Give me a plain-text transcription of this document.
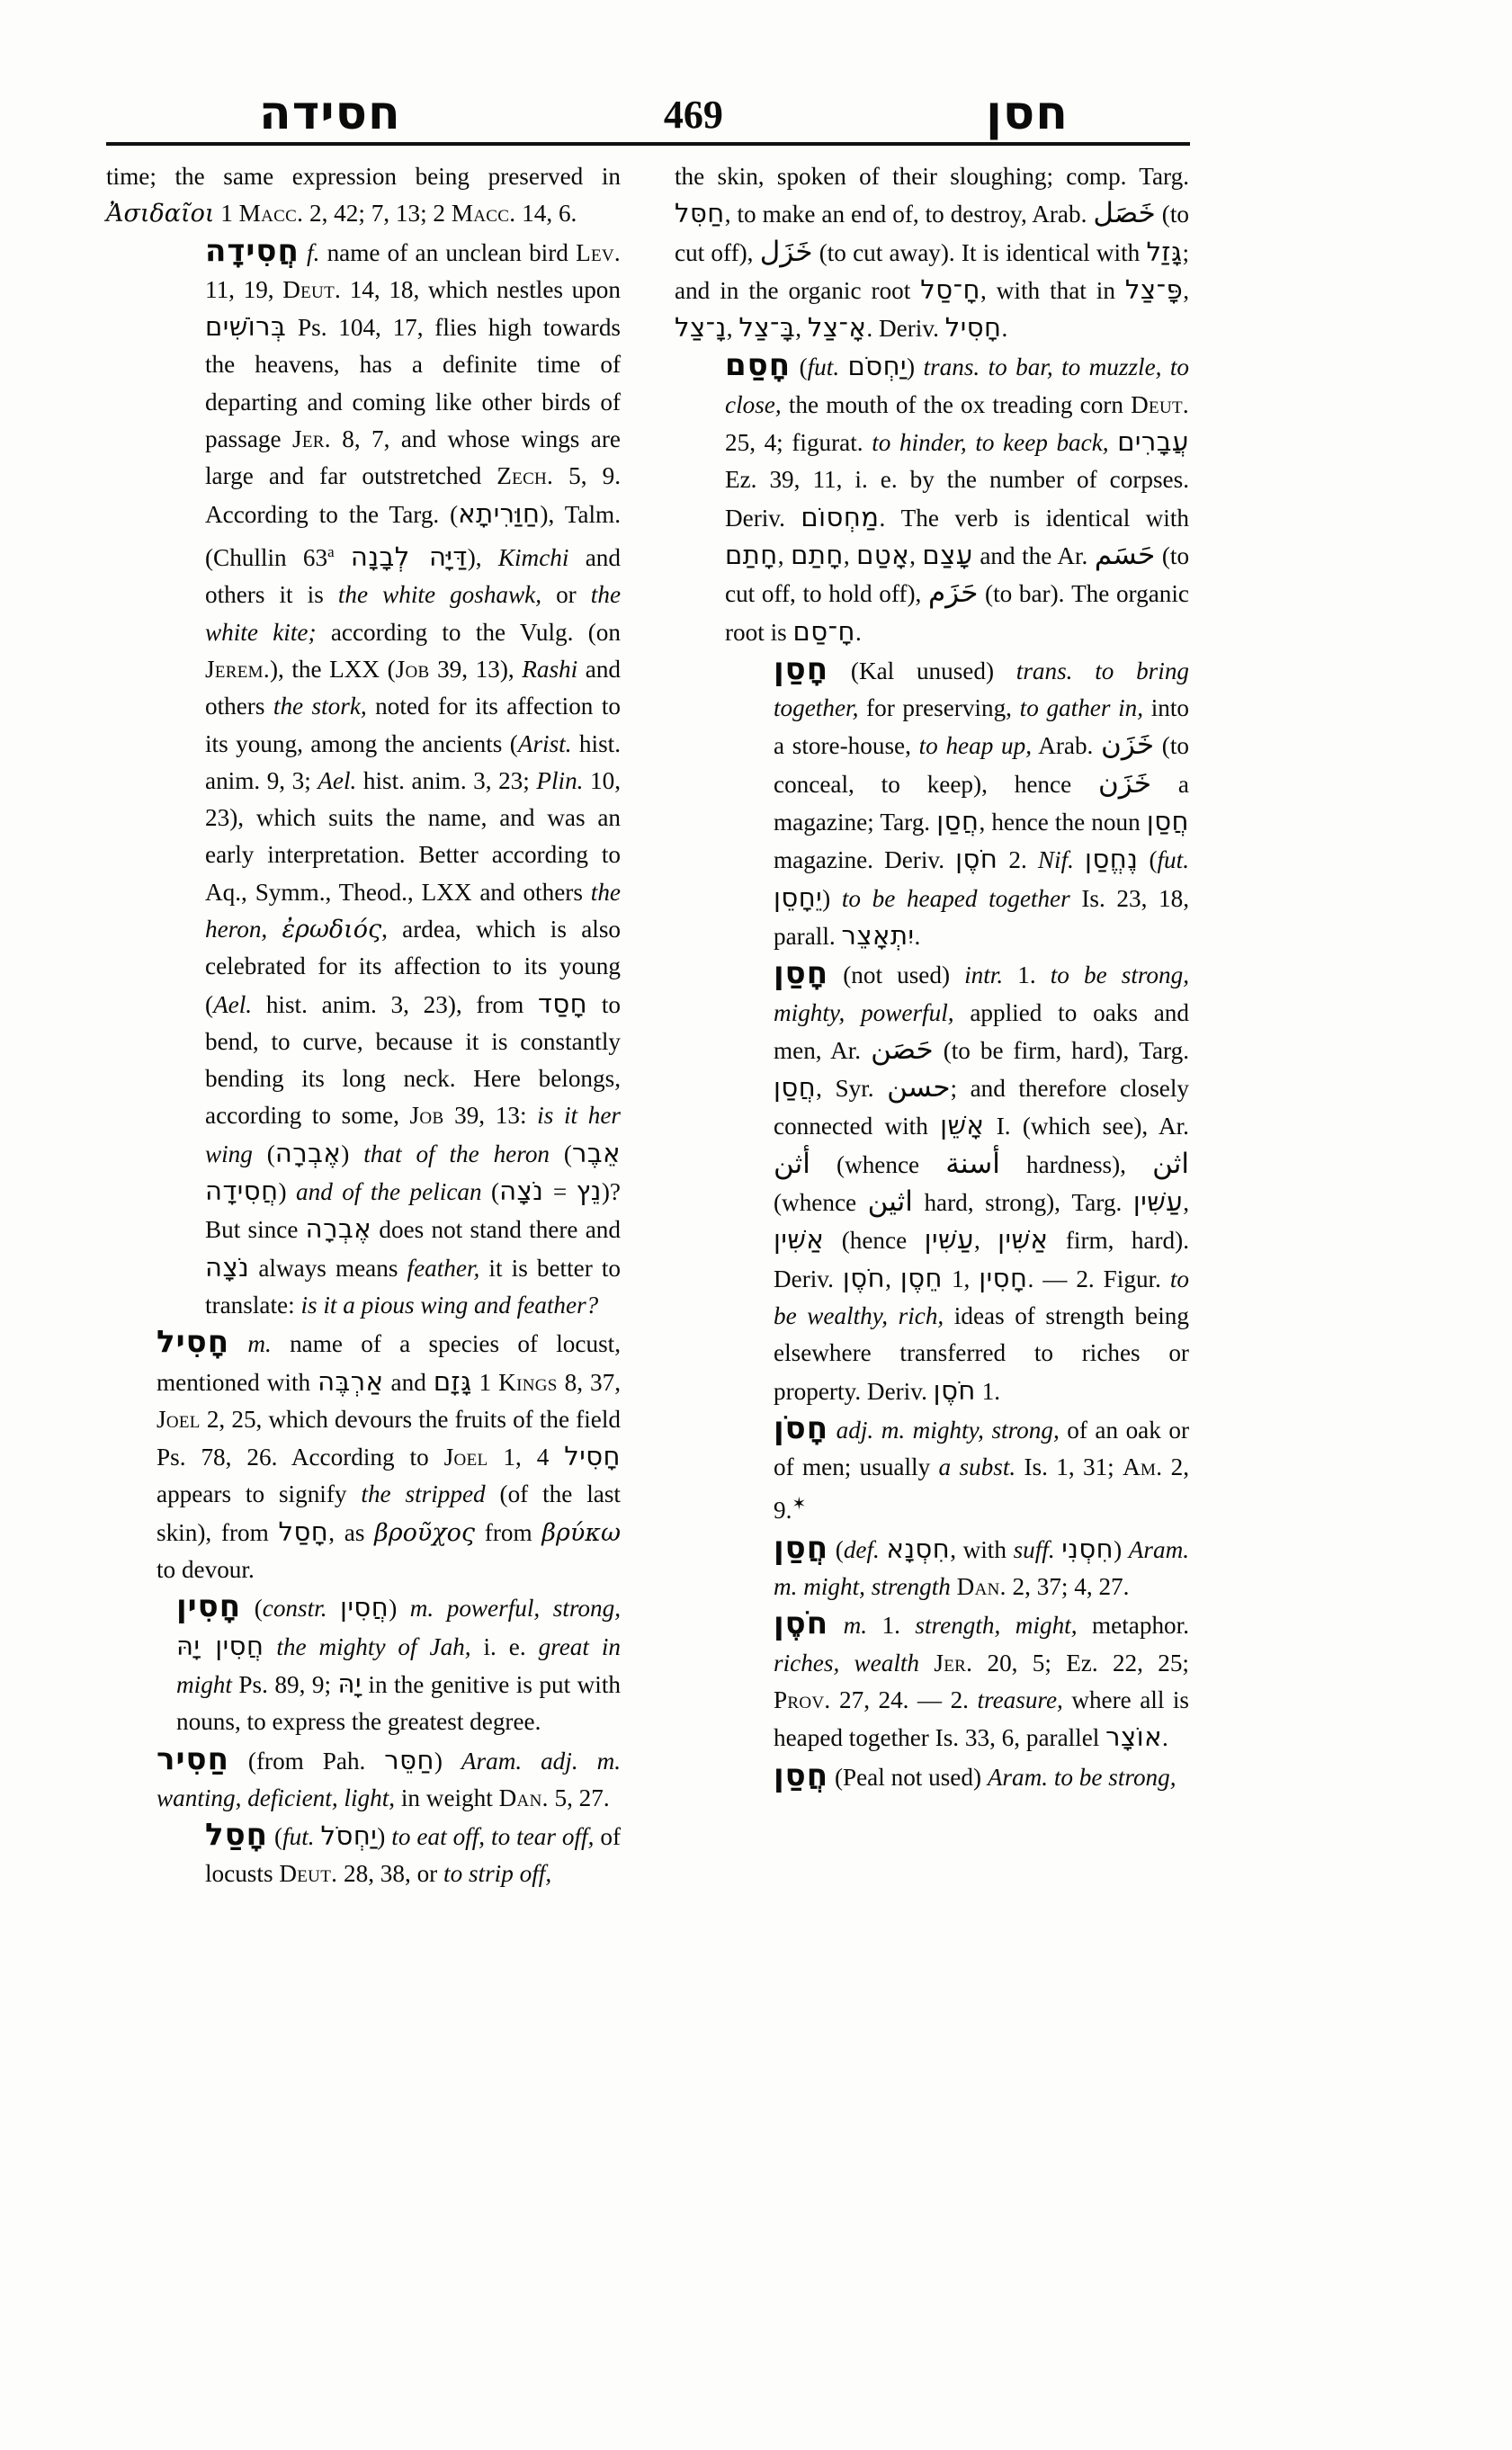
חסידה	469	חסן

time; the same expression being preserved in Ἀσιδαῖοι 1 Macc. 2, 42; 7, 13; 2 Macc. 14, 6.

חֲסִידָה f. name of an unclean bird Lev. 11, 19, Deut. 14, 18, which nestles upon בְּרוֹשִׁים Ps. 104, 17, flies high towards the heavens, has a definite time of departing and coming like other birds of passage Jer. 8, 7, and whose wings are large and far outstretched Zech. 5, 9. According to the Targ. (חַוַּרִיתָא), Talm. (Chullin 63$^a$ דַּיָּה לְבָנָה), Kimchi and others it is the white goshawk, or the white kite; according to the Vulg. (on Jerem.), the LXX (Job 39, 13), Rashi and others the stork, noted for its affection to its young, among the ancients (Arist. hist. anim. 9, 3; Ael. hist. anim. 3, 23; Plin. 10, 23), which suits the name, and was an early interpretation. Better according to Aq., Symm., Theod., LXX and others the heron, ἐρωδιός, ardea, which is also celebrated for its affection to its young (Ael. hist. anim. 3, 23), from חָסַד to bend, to curve, because it is constantly bending its long neck. Here belongs, according to some, Job 39, 13: is it her wing (אֶבְרָה) that of the heron (אֵבֶר חֲסִידָה) and of the pelican (נֹצָה = נֵץ)? But since אֶבְרָה does not stand there and נֹצָה always means feather, it is better to translate: is it a pious wing and feather?

חָסִיל m. name of a species of locust, mentioned with אַרְבֶּה and גָּזָם 1 Kings 8, 37, Joel 2, 25, which devours the fruits of the field Ps. 78, 26. According to Joel 1, 4 חָסִיל appears to signify the stripped (of the last skin), from חָסַל, as βροῦχος from βρύκω to devour.

חָסִין (constr. חֲסִין) m. powerful, strong, חֲסִין יָהּ the mighty of Jah, i. e. great in might Ps. 89, 9; יָהּ in the genitive is put with nouns, to express the greatest degree.

חַסִיר (from Pah. חַסֵּר) Aram. adj. m. wanting, deficient, light, in weight Dan. 5, 27.

חָסַל (fut. יַחְסֹל) to eat off, to tear off, of locusts Deut. 28, 38, or to strip off,

the skin, spoken of their sloughing; comp. Targ. חַסִּל, to make an end of, to destroy, Arab. خَصَل (to cut off), خَزَل (to cut away). It is identical with גָּזַל; and in the organic root חָ־סַל, with that in פָּ־צַל, נָ־צַל, בָּ־צַל, אָ־צַל. Deriv. חָסִיל.

חָסַם (fut. יַחְסֹם) trans. to bar, to muzzle, to close, the mouth of the ox treading corn Deut. 25, 4; figurat. to hinder, to keep back, עֲבָרִים Ez. 39, 11, i. e. by the number of corpses. Deriv. מַחְסוֹם. The verb is identical with חָתַם, חָתַם, אָטַם, עָצַם and the Ar. حَسَم (to cut off, to hold off), حَزَم (to bar). The organic root is חָ־סַם.

חָסַן (Kal unused) trans. to bring together, for preserving, to gather in, into a store-house, to heap up, Arab. خَزَن (to conceal, to keep), hence خَزَن a magazine; Targ. חֲסַן, hence the noun חֲסַן magazine. Deriv. חֹסֶן 2. Nif. נֶחֱסַן (fut. יֵחָסֵן) to be heaped together Is. 23, 18, parall. יִתְאָצֵר.

חָסַן (not used) intr. 1. to be strong, mighty, powerful, applied to oaks and men, Ar. حَصَن (to be firm, hard), Targ. חֲסַן, Syr. حسن; and therefore closely connected with אָשֵׁן I. (which see), Ar. أثن (whence أسنة hardness), اثن (whence اثين hard, strong), Targ. עַשִּׁין, אַשִּׁין (hence עַשִּׁין, אַשִּׁין firm, hard). Deriv. חֹסֶן, חֵסֶן 1, חָסִין. — 2. Figur. to be wealthy, rich, ideas of strength being elsewhere transferred to riches or property. Deriv. חֹסֶן 1.

חָסֹן adj. m. mighty, strong, of an oak or of men; usually a subst. Is. 1, 31; Am. 2, 9.✶

חֲסַן (def. חִסְנָא, with suff. חִסְנִי) Aram. m. might, strength Dan. 2, 37; 4, 27.

חֹסֶן m. 1. strength, might, metaphor. riches, wealth Jer. 20, 5; Ez. 22, 25; Prov. 27, 24. — 2. treasure, where all is heaped together Is. 33, 6, parallel אוֹצָר.

חֲסַן (Peal not used) Aram. to be strong,
